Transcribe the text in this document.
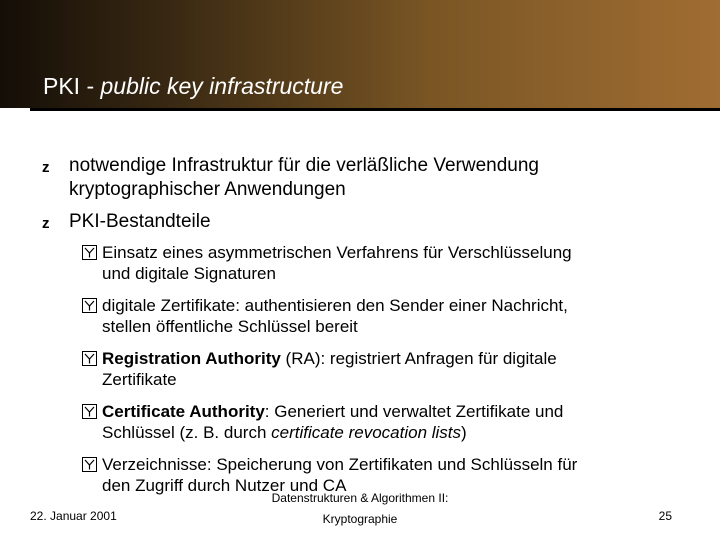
PKI - public key infrastructure
z notwendige Infrastruktur für die verläßliche Verwendung
kryptographischer Anwendungen
z PKI-Bestandteile
Einsatz eines asymmetrischen Verfahrens für Verschlüsselung
und digitale Signaturen
digitale Zertifikate: authentisieren den Sender einer Nachricht,
stellen öffentliche Schlüssel bereit
Registration Authority (RA): registriert Anfragen für digitale
Zertifikate
Certificate Authority: Generiert und verwaltet Zertifikate und
Schlüssel (z. B. durch certificate revocation lists)
Verzeichnisse: Speicherung von Zertifikaten und Schlüsseln für
den Zugriff durch Nutzer und CA
22. Januar 2001
Datenstrukturen & Algorithmen II:
Kryptographie	25
